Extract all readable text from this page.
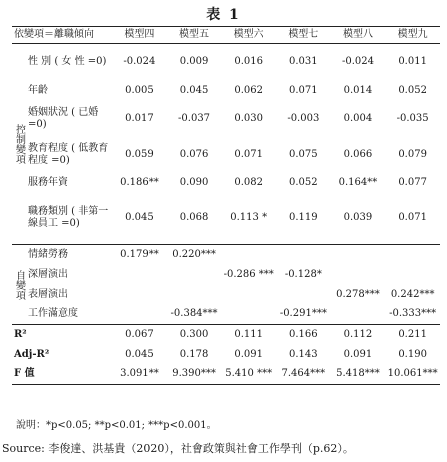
表 1
依變項＝離職傾向		模型四	模型五	模型六	模型七	模型八	模型九
控制變項	性 別 ( 女 性 =0)	-0.024	0.009	0.016	0.031	-0.024	0.011
	年齡	0.005	0.045	0.062	0.071	0.014	0.052
	婚姻狀況 ( 已婚=0)	0.017	-0.037	0.030	-0.003	0.004	-0.035
	教育程度 ( 低教育程度 =0)	0.059	0.076	0.071	0.075	0.066	0.079
	服務年資	0.186**	0.090	0.082	0.052	0.164**	0.077
	職務類別 ( 非第一線員工 =0)	0.045	0.068	0.113 *	0.119	0.039	0.071
自變項	情緒勞務	0.179**	0.220***				
	深層演出			-0.286 ***	-0.128*		
	表層演出					0.278***	0.242***
	工作滿意度		-0.384***		-0.291***		-0.333***
R²		0.067	0.300	0.111	0.166	0.112	0.211
Adj-R²		0.045	0.178	0.091	0.143	0.091	0.190
F 值		3.091**	9.390***	5.410 ***	7.464***	5.418***	10.061***
說明：*p<0.05; **p<0.01; ***p<0.001。
Source: 李俊達、洪基貴（2020），社會政策與社會工作學刊（p.62）。
